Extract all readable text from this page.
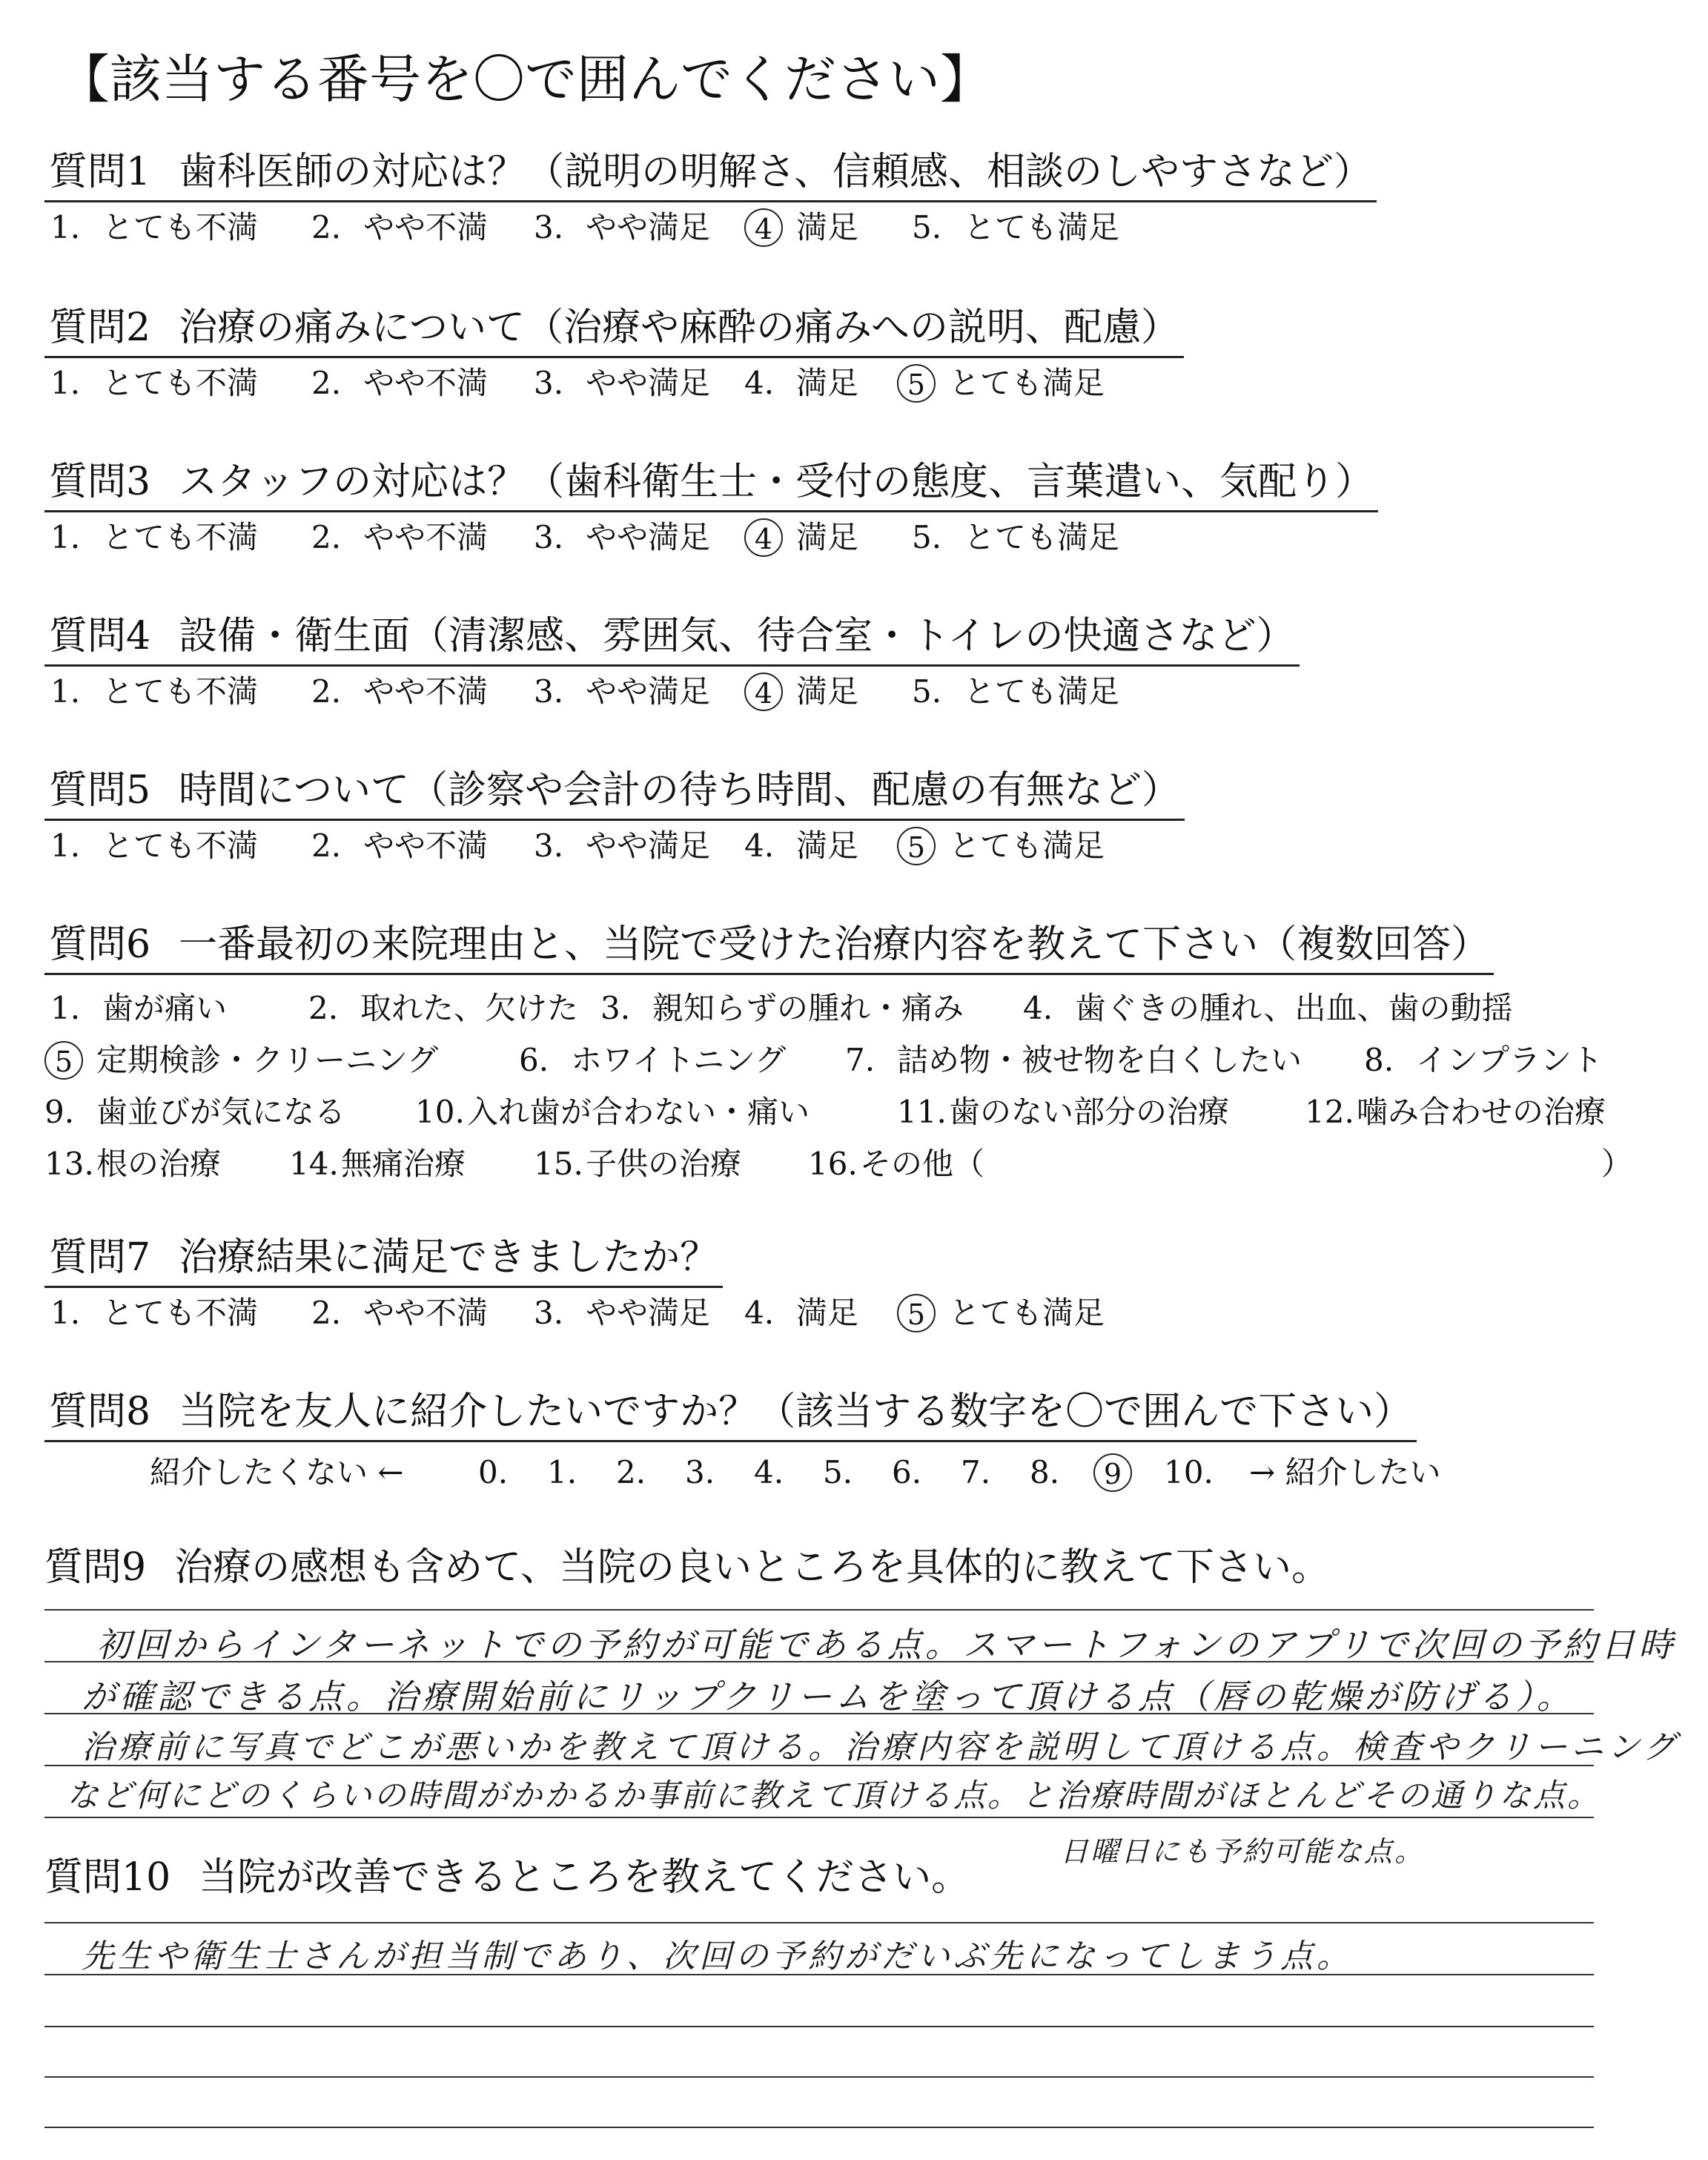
【該当する番号を〇で囲んでください】
質問1 歯科医師の対応は？（説明の明解さ、信頼感、相談のしやすさなど）
1. とても不満 2. やや不満 3. やや満足	4 満足 5. とても満足
質問2 治療の痛みについて（治療や麻酔の痛みへの説明、配慮）
1. とても不満 2. やや不満 3. やや満足 4. 満足	5 とても満足
質問3 スタッフの対応は？（歯科衛生士・受付の態度、言葉遣い、気配り）
1. とても不満 2. やや不満 3. やや満足	4 満足 5. とても満足
質問4 設備・衛生面（清潔感、雰囲気、待合室・トイレの快適さなど）
1. とても不満 2. やや不満 3. やや満足	4 満足 5. とても満足
質問5 時間について（診察や会計の待ち時間、配慮の有無など）
1. とても不満 2. やや不満 3. やや満足 4. 満足	5 とても満足
質問6 一番最初の来院理由と、当院で受けた治療内容を教えて下さい（複数回答）
1. 歯が痛い	2. 取れた、欠けた 3. 親知らずの腫れ・痛み 4. 歯ぐきの腫れ、出血、歯の動揺
5 定期検診・クリーニング	6. ホワイトニング 7. 詰め物・被せ物を白くしたい 8. インプラント
9. 歯並びが気になる 10.入れ歯が合わない・痛い	11.歯のない部分の治療 12.噛み合わせの治療
13.根の治療 14.無痛治療 15.子供の治療 16.その他（	）
質問7 治療結果に満足できましたか？
1. とても不満 2. やや不満 3. やや満足 4. 満足	5 とても満足
質問8 当院を友人に紹介したいですか？（該当する数字を〇で囲んで下さい）
紹介したくない ← 0. 1. 2. 3. 4. 5. 6. 7. 8.	9	10. → 紹介したい
質問9 治療の感想も含めて、当院の良いところを具体的に教えて下さい。
初回からインターネットでの予約が可能である点。スマートフォンのアプリで次回の予約日時
が確認できる点。治療開始前にリップクリームを塗って頂ける点（唇の乾燥が防げる）。
治療前に写真でどこが悪いかを教えて頂ける。治療内容を説明して頂ける点。検査やクリーニング
など何にどのくらいの時間がかかるか事前に教えて頂ける点。と治療時間がほとんどその通りな点。
日曜日にも予約可能な点。
質問10 当院が改善できるところを教えてください。
先生や衛生士さんが担当制であり、次回の予約がだいぶ先になってしまう点。
